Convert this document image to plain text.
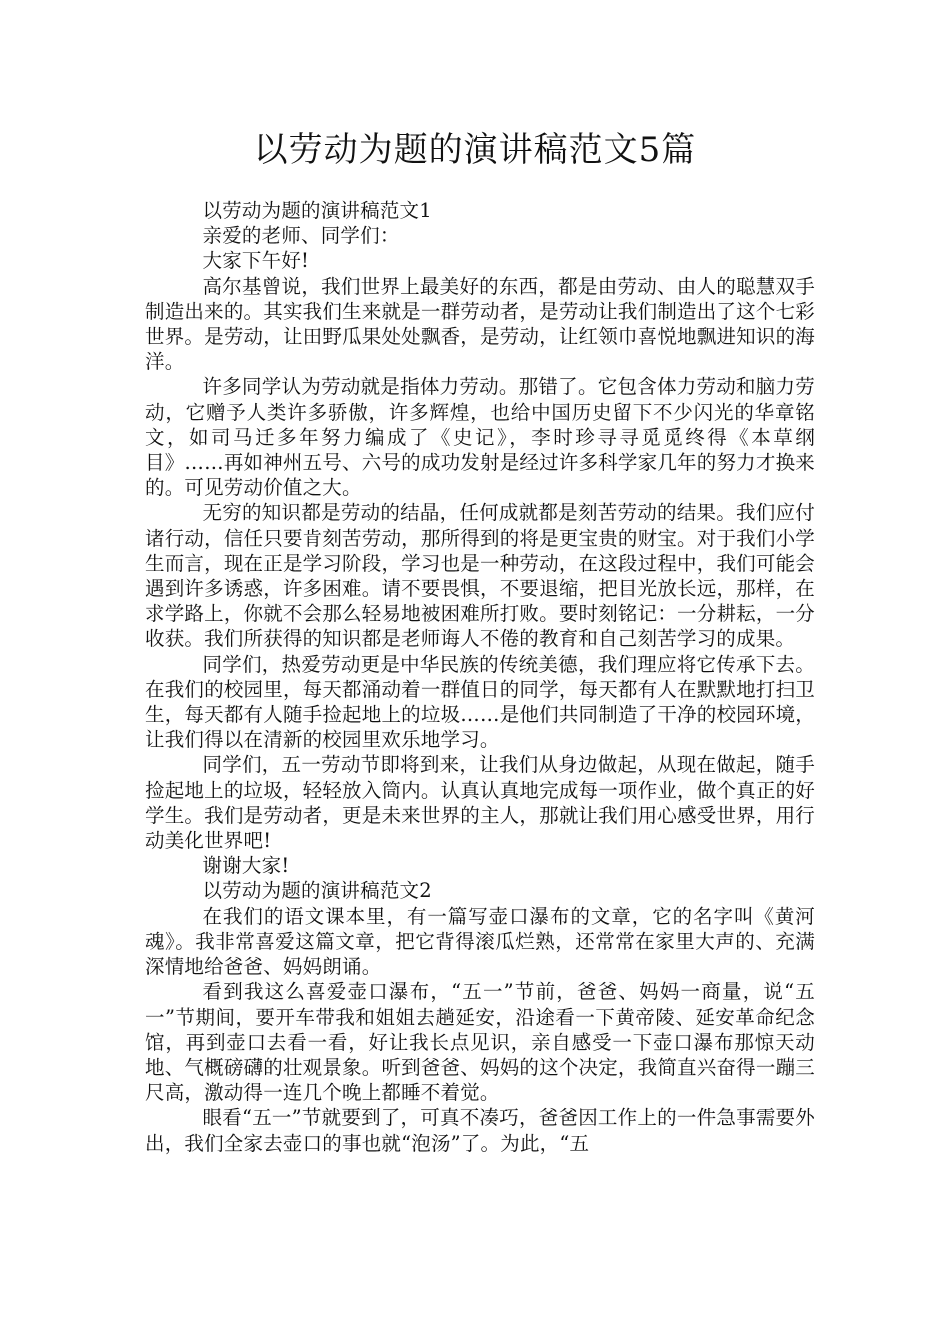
以劳动为题的演讲稿范文5篇

以劳动为题的演讲稿范文1

亲爱的老师、同学们：

大家下午好!

高尔基曾说，我们世界上最美好的东西，都是由劳动、由人的聪慧双手制造出来的。其实我们生来就是一群劳动者，是劳动让我们制造出了这个七彩世界。是劳动，让田野瓜果处处飘香，是劳动，让红领巾喜悦地飘进知识的海洋。

许多同学认为劳动就是指体力劳动。那错了。它包含体力劳动和脑力劳动，它赠予人类许多骄傲，许多辉煌，也给中国历史留下不少闪光的华章铭文，如司马迁多年努力编成了《史记》，李时珍寻寻觅觅终得《本草纲目》……再如神州五号、六号的成功发射是经过许多科学家几年的努力才换来的。可见劳动价值之大。

无穷的知识都是劳动的结晶，任何成就都是刻苦劳动的结果。我们应付诸行动，信任只要肯刻苦劳动，那所得到的将是更宝贵的财宝。对于我们小学生而言，现在正是学习阶段，学习也是一种劳动，在这段过程中，我们可能会遇到许多诱惑，许多困难。请不要畏惧，不要退缩，把目光放长远，那样，在求学路上，你就不会那么轻易地被困难所打败。要时刻铭记：一分耕耘，一分收获。我们所获得的知识都是老师诲人不倦的教育和自己刻苦学习的成果。

同学们，热爱劳动更是中华民族的传统美德，我们理应将它传承下去。在我们的校园里，每天都涌动着一群值日的同学，每天都有人在默默地打扫卫生，每天都有人随手捡起地上的垃圾……是他们共同制造了干净的校园环境，让我们得以在清新的校园里欢乐地学习。

同学们，五一劳动节即将到来，让我们从身边做起，从现在做起，随手捡起地上的垃圾，轻轻放入筒内。认真认真地完成每一项作业，做个真正的好学生。我们是劳动者，更是未来世界的主人，那就让我们用心感受世界，用行动美化世界吧!

谢谢大家!

以劳动为题的演讲稿范文2

在我们的语文课本里，有一篇写壶口瀑布的文章，它的名字叫《黄河魂》。我非常喜爱这篇文章，把它背得滚瓜烂熟，还常常在家里大声的、充满深情地给爸爸、妈妈朗诵。

看到我这么喜爱壶口瀑布，“五一”节前，爸爸、妈妈一商量，说“五一”节期间，要开车带我和姐姐去趟延安，沿途看一下黄帝陵、延安革命纪念馆，再到壶口去看一看，好让我长点见识，亲自感受一下壶口瀑布那惊天动地、气概磅礴的壮观景象。听到爸爸、妈妈的这个决定，我简直兴奋得一蹦三尺高，激动得一连几个晚上都睡不着觉。

眼看“五一”节就要到了，可真不凑巧，爸爸因工作上的一件急事需要外出，我们全家去壶口的事也就“泡汤”了。为此，“五
